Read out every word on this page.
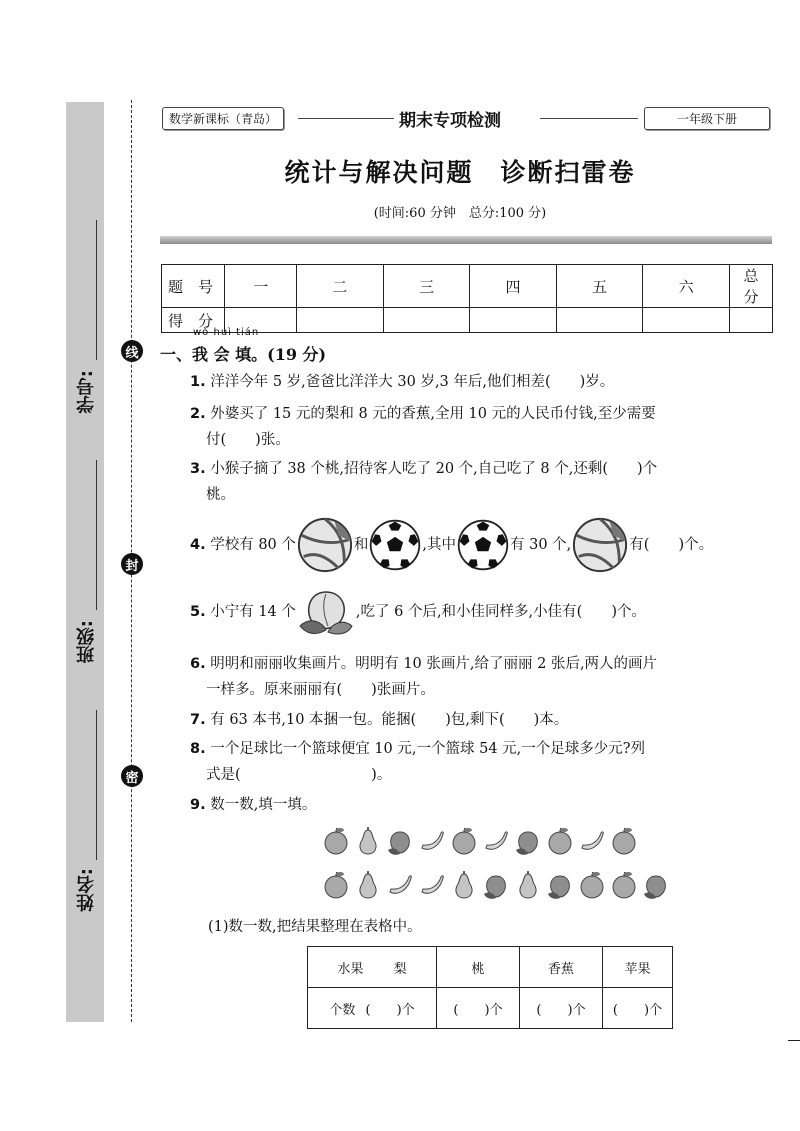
学号:
班级:
姓名:
线
封
密
数学新课标（青岛）	期末专项检测	一年级下册
统计与解决问题　诊断扫雷卷
(时间:60 分钟　总分:100 分)
题　号	一	二	三	四	五	六	总　分
得　分							
wǒ huì tián
一、我 会 填。(19 分)
1. 洋洋今年 5 岁,爸爸比洋洋大 30 岁,3 年后,他们相差(　　)岁。
2. 外婆买了 15 元的梨和 8 元的香蕉,全用 10 元的人民币付钱,至少需要
付(　　)张。
3. 小猴子摘了 38 个桃,招待客人吃了 20 个,自己吃了 8 个,还剩(　　)个
桃。
4.
学校有 80 个	和	,其中	有 30 个,	有(　　)个。
5.
小宁有 14 个	,吃了 6 个后,和小佳同样多,小佳有(　　)个。
6. 明明和丽丽收集画片。明明有 10 张画片,给了丽丽 2 张后,两人的画片
一样多。原来丽丽有(　　)张画片。
7. 有 63 本书,10 本捆一包。能捆(　　)包,剩下(　　)本。
8. 一个足球比一个篮球便宜 10 元,一个篮球 54 元,一个足球多少元?列
式是(　　　　　　　　　)。
9. 数一数,填一填。
(1)数一数,把结果整理在表格中。
水果 梨	桃	香蕉	苹果
个数 (　　)个	(　　)个	(　　)个	(　　)个
